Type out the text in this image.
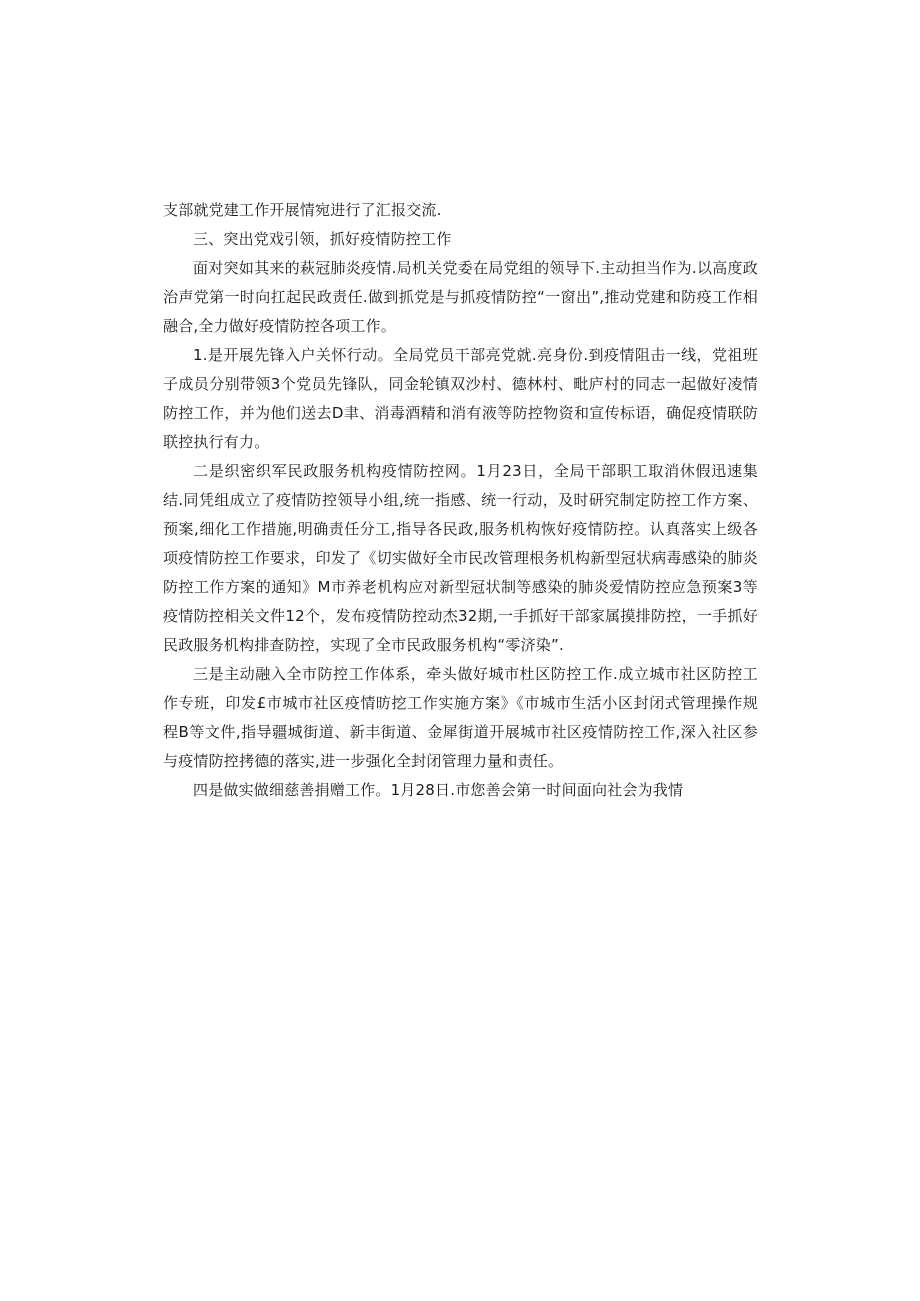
支部就党建工作开展情宛进行了汇报交流.

三、突出党戏引领，抓好疫情防控工作

面对突如其来的萩冠肺炎疫情.局机关党委在局党组的领导下.主动担当作为.以高度政治声党第一时向扛起民政责任.做到抓党是与抓疫情防控“一窗出”,推动党建和防疫工作相融合,全力做好疫情防控各项工作。

1.是开展先锋入户关怀行动。全局党员干部亮党就.亮身份.到疫情阻击一线，党祖班子成员分别带领3个党员先锋队，同金轮镇双沙村、德林村、毗庐村的同志一起做好凌情防控工作，并为他们送去D聿、消毒酒精和消有液等防控物资和宣传标语，确促疫情联防联控执行有力。

二是织密织军民政服务机构疫情防控网。1月23日，全局干部职工取消休假迅速集结.同凭组成立了疫情防控领导小组,统一指感、统一行动，及时研究制定防控工作方案、预案,细化工作措施,明确责任分工,指导各民政,服务机构恢好疫情防控。认真落实上级各项疫情防控工作要求，印发了《切实做好全市民改管理根务机构新型冠状病毒感染的肺炎防控工作方案的通知》M市养老机构应对新型冠状制等感染的肺炎爱情防控应急预案3等疫情防控相关文件12个，发布疫情防控动杰32期,一手抓好干部家属摸排防控，一手抓好民政服务机构排查防控，实现了全市民政服务机构“零济染”.

三是主动融入全市防控工作体系，牵头做好城市杜区防控工作.成立城市社区防控工作专班，印发£市城市社区疫情昉挖工作实施方案》《市城市生活小区封闭式管理操作规程B等文件,指导疆城街道、新丰街道、金犀街道开展城市社区疫情防控工作,深入社区参与疫情防控拷德的落实,进一步强化全封闭管理力量和责任。

四是做实做细慈善捐赠工作。1月28日.市您善会第一时间面向社会为我情
